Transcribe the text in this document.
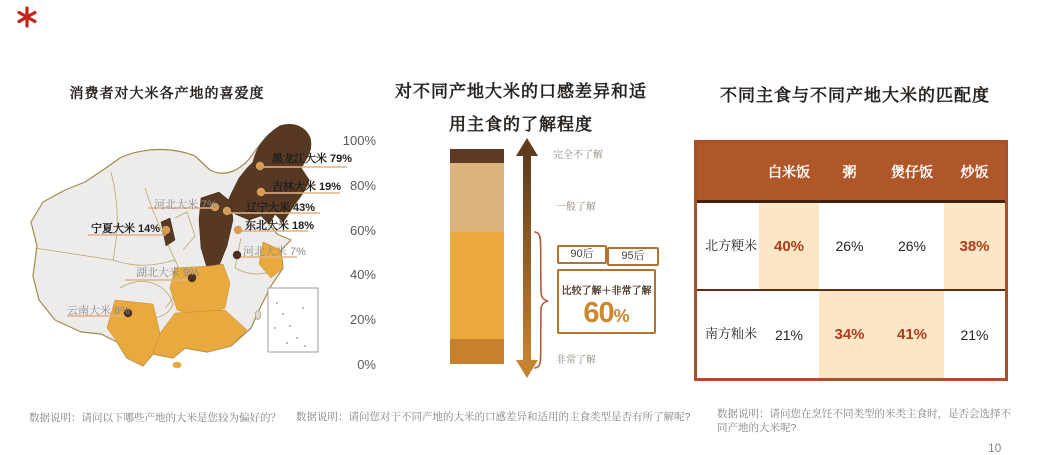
消费者对大米各产地的喜爱度
黑龙江大米 79%
吉林大米 19%
辽宁大米 43%
东北大米 18%
河北大米 7%
河北大米 7%
宁夏大米 14%
湖北大米 9%
云南大米 8%
对不同产地大米的口感差异和适
用主食的了解程度
100%
80%
60%
40%
20%
0%
完全不了解
一般了解
非常了解
90后	95后
比较了解＋非常了解
60%
不同主食与不同产地大米的匹配度
白米饭	粥	煲仔饭	炒饭
北方粳米	40%	26%	26%	38%
南方籼米	21%	34%	41%	21%
数据说明：请问以下哪些产地的大米是您较为偏好的？ 数据说明：请问您对于不同产地的大米的口感差异和适用的主食类型是否有所了解呢?	数据说明：请问您在烹饪不同类型的米类主食时，是否会选择不同产地的大米呢?
10
